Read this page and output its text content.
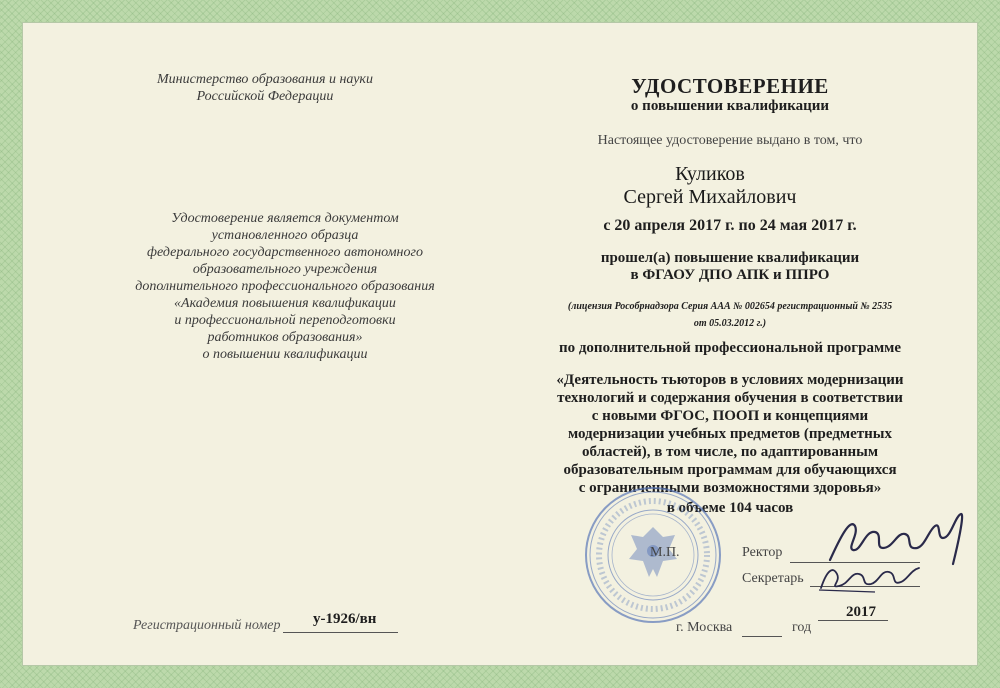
Министерство образования и науки
Российской Федерации
Удостоверение является документом
установленного образца
федерального государственного автономного
образовательного учреждения
дополнительного профессионального образования
«Академия повышения квалификации
и профессиональной переподготовки
работников образования»
о повышении квалификации
Регистрационный номер у-1926/вн
УДОСТОВЕРЕНИЕ
о повышении квалификации
Настоящее удостоверение выдано в том, что
Куликов
Сергей Михайлович
с 20 апреля 2017 г. по 24 мая 2017 г.
прошел(а) повышение квалификации
в ФГАОУ ДПО АПК и ППРО
(лицензия Рособрнадзора Серия ААА № 002654 регистрационный № 2535
от 05.03.2012 г.)
по дополнительной профессиональной программе
«Деятельность тьюторов в условиях модернизации
технологий и содержания обучения в соответствии
с новыми ФГОС, ПООП и концепциями
модернизации учебных предметов (предметных
областей), в том числе, по адаптированным
образовательным программам для обучающихся
с ограниченными возможностями здоровья»
в объеме 104 часов
М.П.	Ректор
Секретарь
2017
г. Москва	год
